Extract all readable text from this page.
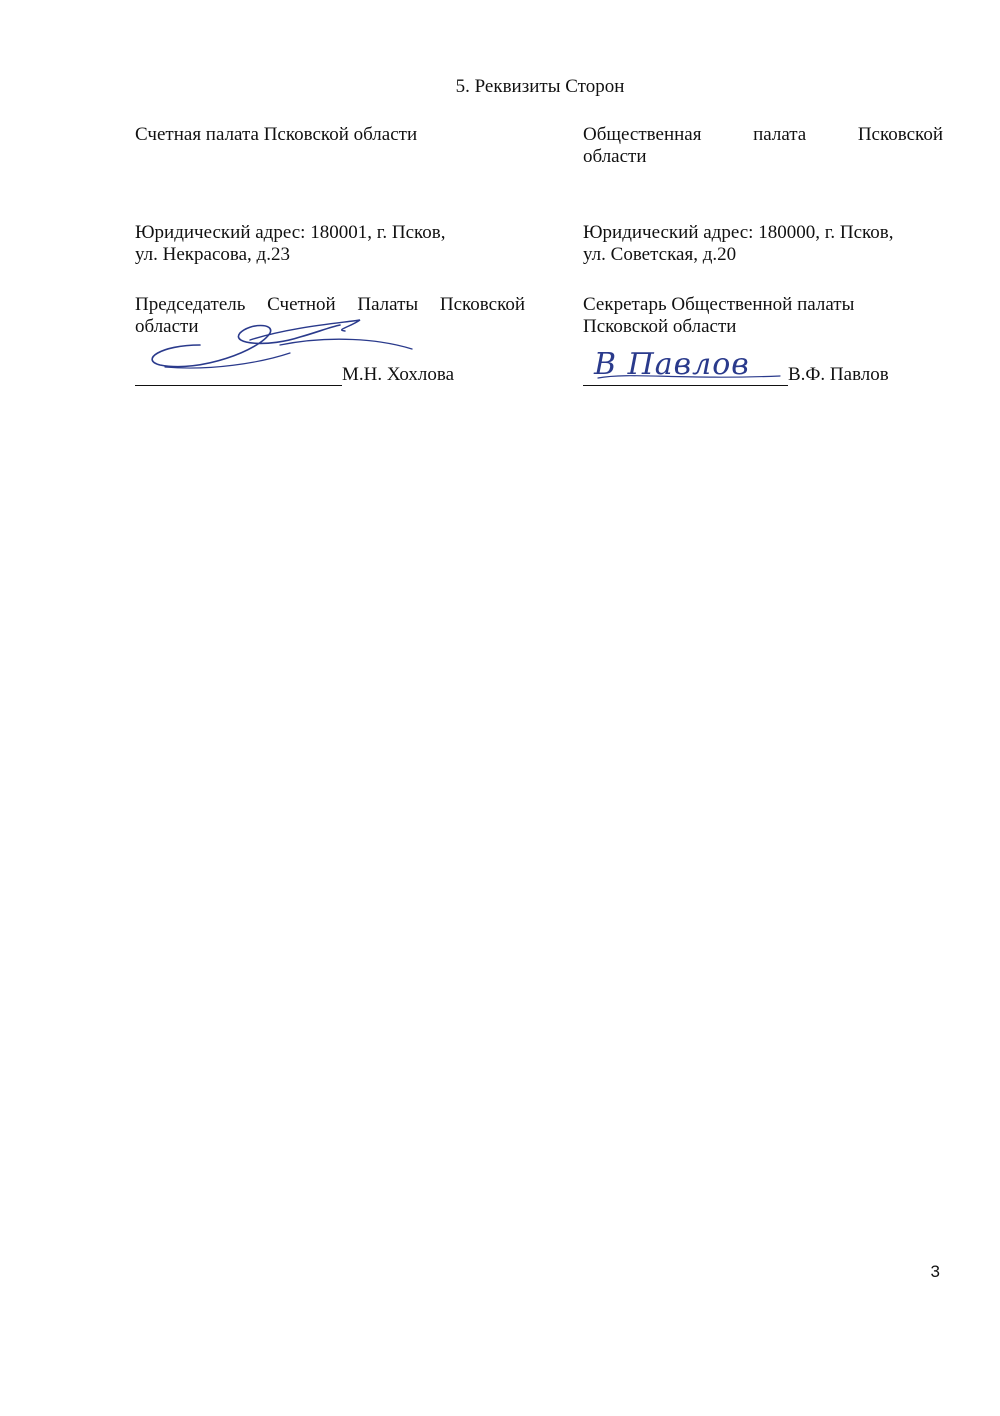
5. Реквизиты Сторон
Счетная палата Псковской области
Юридический адрес: 180001, г. Псков,
ул. Некрасова, д.23
Председатель Счетной Палаты Псковской
области
М.Н. Хохлова
Общественная палата Псковской
области
Юридический адрес: 180000, г. Псков,
ул. Советская, д.20
Секретарь Общественной палаты
Псковской области
В.Ф. Павлов
В Павлов
3
